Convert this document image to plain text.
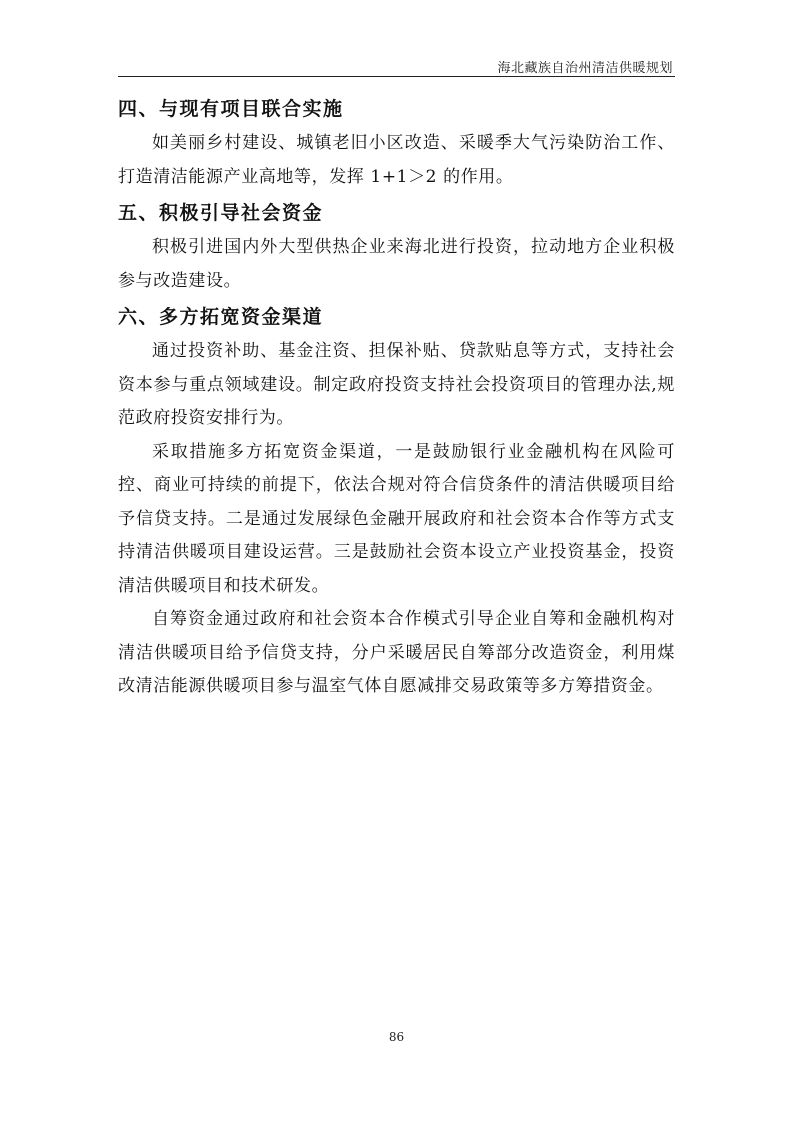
海北藏族自治州清洁供暖规划
四、与现有项目联合实施

如美丽乡村建设、城镇老旧小区改造、采暖季大气污染防治工作、打造清洁能源产业高地等，发挥 1+1＞2 的作用。

五、积极引导社会资金

积极引进国内外大型供热企业来海北进行投资，拉动地方企业积极参与改造建设。

六、多方拓宽资金渠道

通过投资补助、基金注资、担保补贴、贷款贴息等方式，支持社会资本参与重点领域建设。制定政府投资支持社会投资项目的管理办法,规范政府投资安排行为。

采取措施多方拓宽资金渠道，一是鼓励银行业金融机构在风险可控、商业可持续的前提下，依法合规对符合信贷条件的清洁供暖项目给予信贷支持。二是通过发展绿色金融开展政府和社会资本合作等方式支持清洁供暖项目建设运营。三是鼓励社会资本设立产业投资基金，投资清洁供暖项目和技术研发。

自筹资金通过政府和社会资本合作模式引导企业自筹和金融机构对清洁供暖项目给予信贷支持，分户采暖居民自筹部分改造资金，利用煤改清洁能源供暖项目参与温室气体自愿减排交易政策等多方筹措资金。

86
